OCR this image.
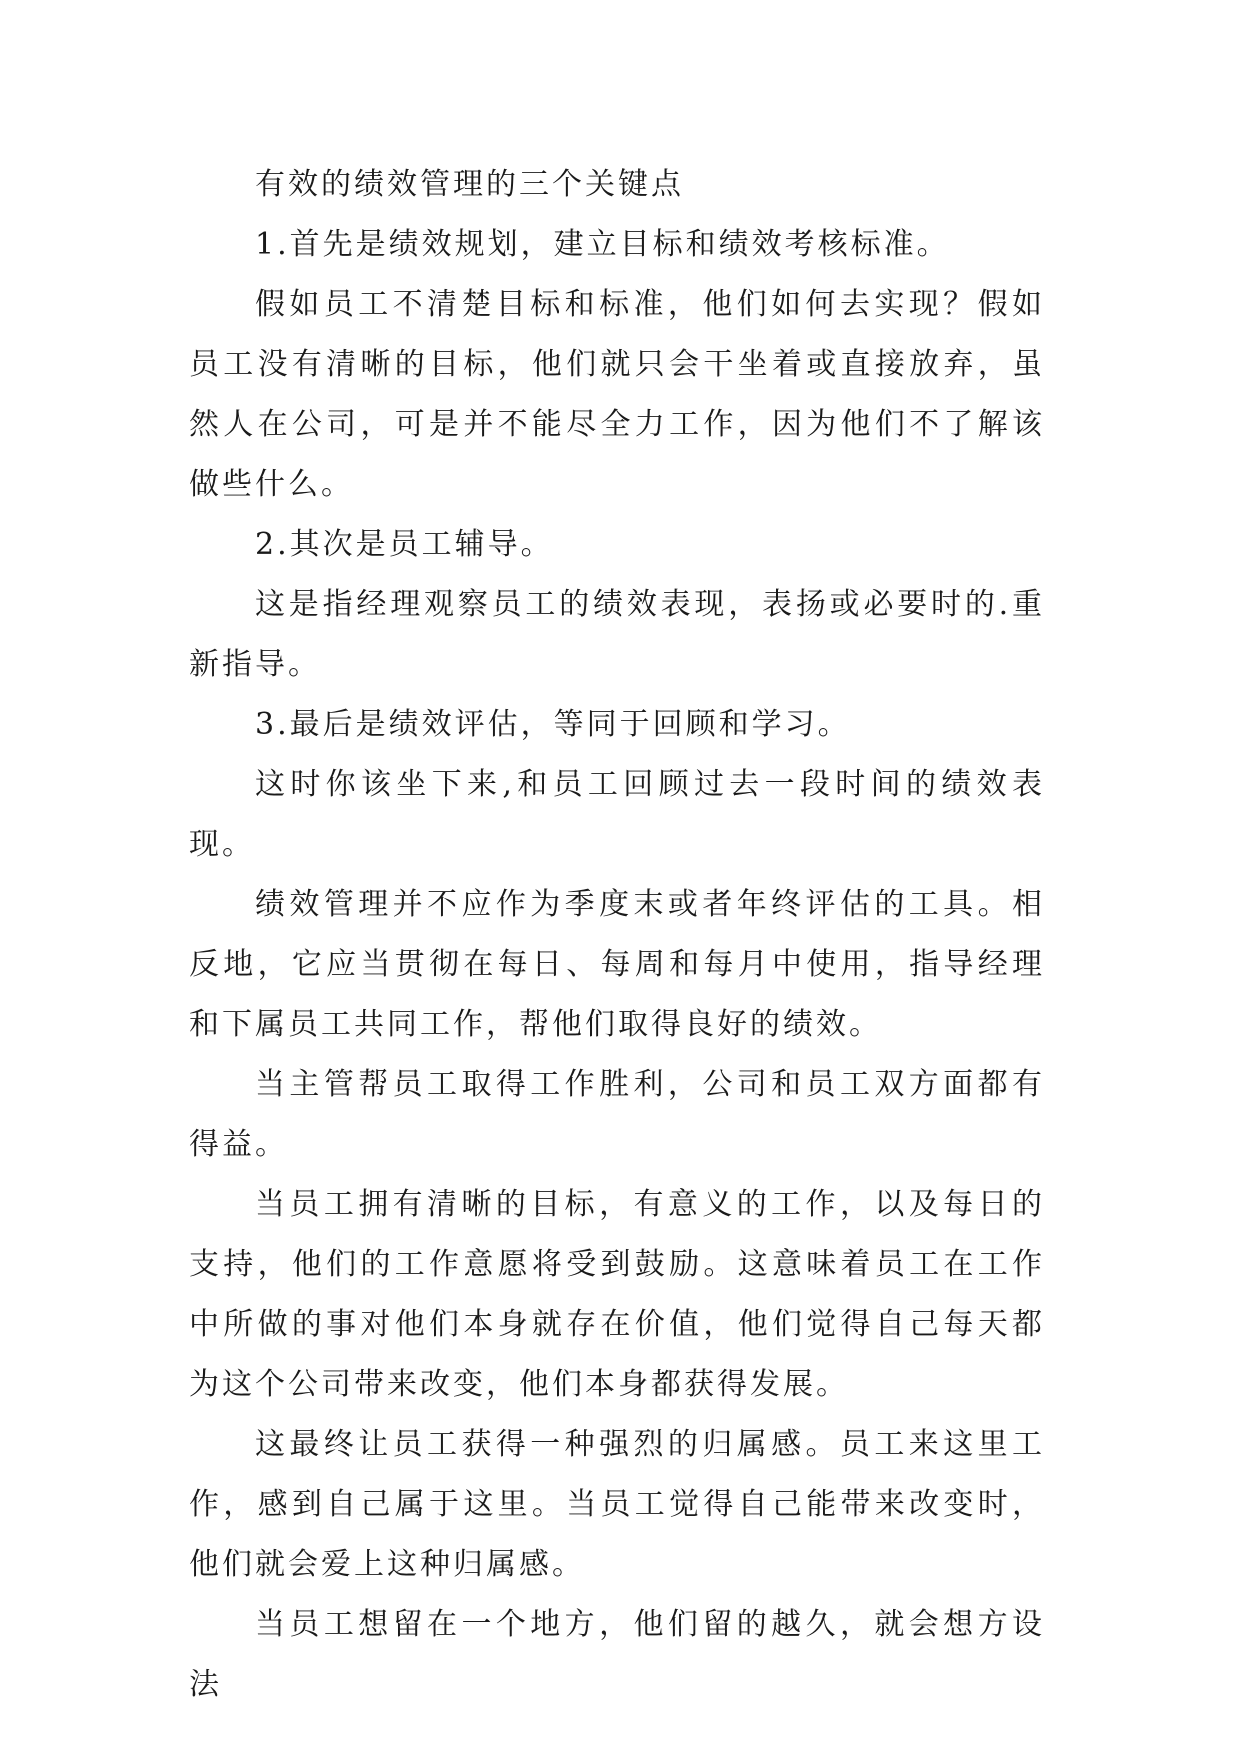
有效的绩效管理的三个关键点

1.首先是绩效规划，建立目标和绩效考核标准。

假如员工不清楚目标和标准，他们如何去实现？假如员工没有清晰的目标，他们就只会干坐着或直接放弃，虽然人在公司，可是并不能尽全力工作，因为他们不了解该做些什么。

2.其次是员工辅导。

这是指经理观察员工的绩效表现，表扬或必要时的.重新指导。

3.最后是绩效评估，等同于回顾和学习。

这时你该坐下来,和员工回顾过去一段时间的绩效表现。

绩效管理并不应作为季度末或者年终评估的工具。相反地，它应当贯彻在每日、每周和每月中使用，指导经理和下属员工共同工作，帮他们取得良好的绩效。

当主管帮员工取得工作胜利，公司和员工双方面都有得益。

当员工拥有清晰的目标，有意义的工作，以及每日的支持，他们的工作意愿将受到鼓励。这意味着员工在工作中所做的事对他们本身就存在价值，他们觉得自己每天都为这个公司带来改变，他们本身都获得发展。

这最终让员工获得一种强烈的归属感。员工来这里工作，感到自己属于这里。当员工觉得自己能带来改变时，他们就会爱上这种归属感。

当员工想留在一个地方，他们留的越久，就会想方设法
